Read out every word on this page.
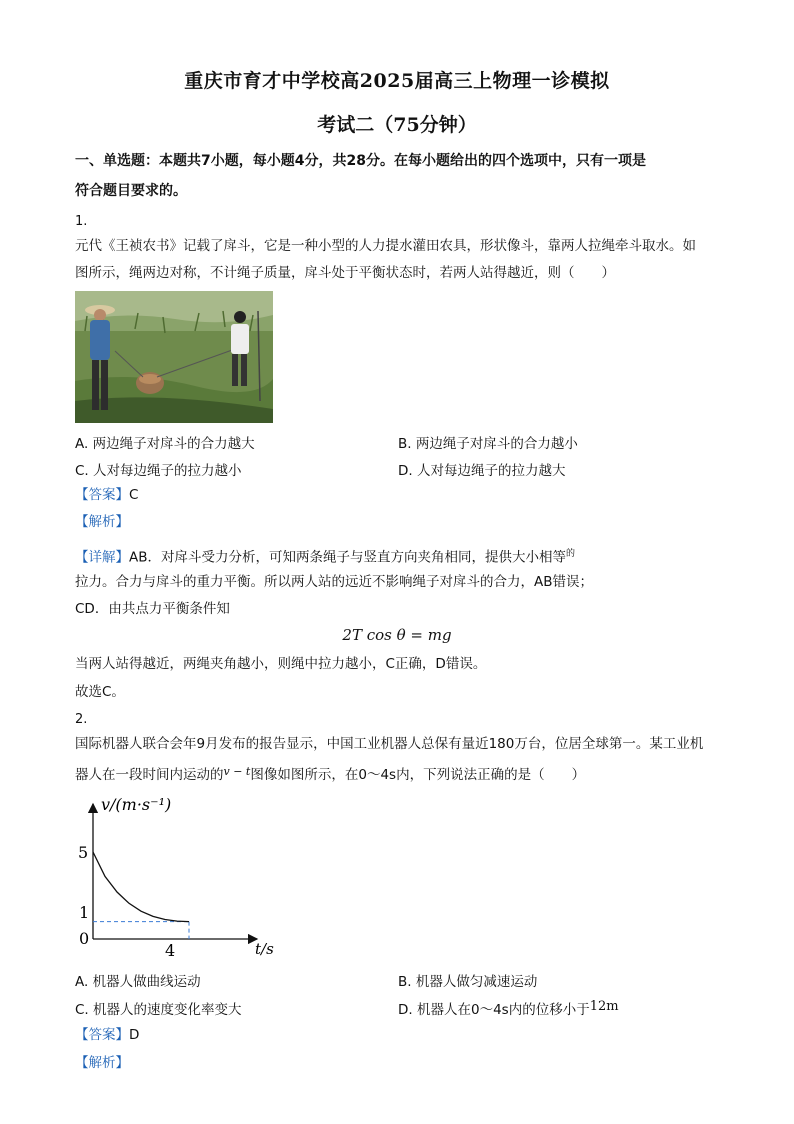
重庆市育才中学校高2025届高三上物理一诊模拟
考试二（75分钟）
一、单选题：本题共7小题，每小题4分，共28分。在每小题给出的四个选项中，只有一项是
符合题目要求的。
1.
元代《王祯农书》记载了戽斗，它是一种小型的人力提水灌田农具，形状像斗，靠两人拉绳牵斗取水。如
图所示，绳两边对称，不计绳子质量，戽斗处于平衡状态时，若两人站得越近，则（　　）
A. 两边绳子对戽斗的合力越大	B. 两边绳子对戽斗的合力越小
C. 人对每边绳子的拉力越小	D. 人对每边绳子的拉力越大
【答案】C
【解析】
【详解】AB．对戽斗受力分析，可知两条绳子与竖直方向夹角相同，提供大小相等$^的$
拉力。合力与戽斗的重力平衡。所以两人站的远近不影响绳子对戽斗的合力，AB错误；
CD．由共点力平衡条件知
2T cos θ = mg
当两人站得越近，两绳夹角越小，则绳中拉力越小，C正确，D错误。
故选C。
2.
国际机器人联合会年9月发布的报告显示，中国工业机器人总保有量近180万台，位居全球第一。某工业机
器人在一段时间内运动的$^{v - t}$图像如图所示，在0～4s内，下列说法正确的是（　　）
v/(m·s⁻¹)
t/s
5
1
0
4
A. 机器人做曲线运动	B. 机器人做匀减速运动
C. 机器人的速度变化率变大	D. 机器人在0～4s内的位移小于12m
【答案】D
【解析】
